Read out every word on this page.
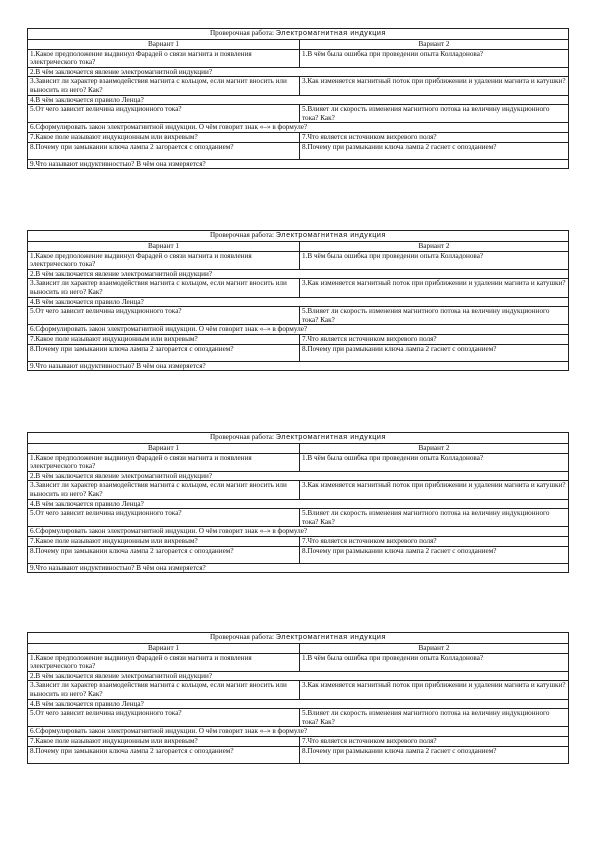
Проверочная работа: Электромагнитная индукция	
Вариант 1	Вариант 2
1.Какое предположение выдвинул Фарадей о связи магнита и появления электрического тока?	1.В чём была ошибка при проведении опыта Колладонова?
2.В чём заключается явление электромагнитной индукции?	
3.Зависит ли характер взаимодействия магнита с кольцом, если магнит вносить или выносить из него? Как?	3.Как изменяется магнитный поток при приближении и удалении магнита и катушки?
4.В чём заключается правило Ленца?	
5.От чего зависит величина индукционного тока?	5.Влияет ли скорость изменения магнитного потока на величину индукционного тока? Как?
6.Сформулировать закон электромагнитной индукции. О чём говорит знак «–» в формуле?	
7.Какое поле называют индукционным или вихревым?	7.Что является источником вихревого поля?
8.Почему при замыкании ключа лампа 2 загорается с опозданием?	8.Почему при размыкании ключа лампа 2 гаснет с опозданием?
9.Что называют индуктивностью? В чём она измеряется?	
Проверочная работа: Электромагнитная индукция	
Вариант 1	Вариант 2
1.Какое предположение выдвинул Фарадей о связи магнита и появления электрического тока?	1.В чём была ошибка при проведении опыта Колладонова?
2.В чём заключается явление электромагнитной индукции?	
3.Зависит ли характер взаимодействия магнита с кольцом, если магнит вносить или выносить из него? Как?	3.Как изменяется магнитный поток при приближении и удалении магнита и катушки?
4.В чём заключается правило Ленца?	
5.От чего зависит величина индукционного тока?	5.Влияет ли скорость изменения магнитного потока на величину индукционного тока? Как?
6.Сформулировать закон электромагнитной индукции. О чём говорит знак «–» в формуле?	
7.Какое поле называют индукционным или вихревым?	7.Что является источником вихревого поля?
8.Почему при замыкании ключа лампа 2 загорается с опозданием?	8.Почему при размыкании ключа лампа 2 гаснет с опозданием?
9.Что называют индуктивностью? В чём она измеряется?	
Проверочная работа: Электромагнитная индукция	
Вариант 1	Вариант 2
1.Какое предположение выдвинул Фарадей о связи магнита и появления электрического тока?	1.В чём была ошибка при проведении опыта Колладонова?
2.В чём заключается явление электромагнитной индукции?	
3.Зависит ли характер взаимодействия магнита с кольцом, если магнит вносить или выносить из него? Как?	3.Как изменяется магнитный поток при приближении и удалении магнита и катушки?
4.В чём заключается правило Ленца?	
5.От чего зависит величина индукционного тока?	5.Влияет ли скорость изменения магнитного потока на величину индукционного тока? Как?
6.Сформулировать закон электромагнитной индукции. О чём говорит знак «–» в формуле?	
7.Какое поле называют индукционным или вихревым?	7.Что является источником вихревого поля?
8.Почему при замыкании ключа лампа 2 загорается с опозданием?	8.Почему при размыкании ключа лампа 2 гаснет с опозданием?
9.Что называют индуктивностью? В чём она измеряется?	
Проверочная работа: Электромагнитная индукция	
Вариант 1	Вариант 2
1.Какое предположение выдвинул Фарадей о связи магнита и появления электрического тока?	1.В чём была ошибка при проведении опыта Колладонова?
2.В чём заключается явление электромагнитной индукции?	
3.Зависит ли характер взаимодействия магнита с кольцом, если магнит вносить или выносить из него? Как?	3.Как изменяется магнитный поток при приближении и удалении магнита и катушки?
4.В чём заключается правило Ленца?	
5.От чего зависит величина индукционного тока?	5.Влияет ли скорость изменения магнитного потока на величину индукционного тока? Как?
6.Сформулировать закон электромагнитной индукции. О чём говорит знак «–» в формуле?	
7.Какое поле называют индукционным или вихревым?	7.Что является источником вихревого поля?
8.Почему при замыкании ключа лампа 2 загорается с опозданием?	8.Почему при размыкании ключа лампа 2 гаснет с опозданием?
